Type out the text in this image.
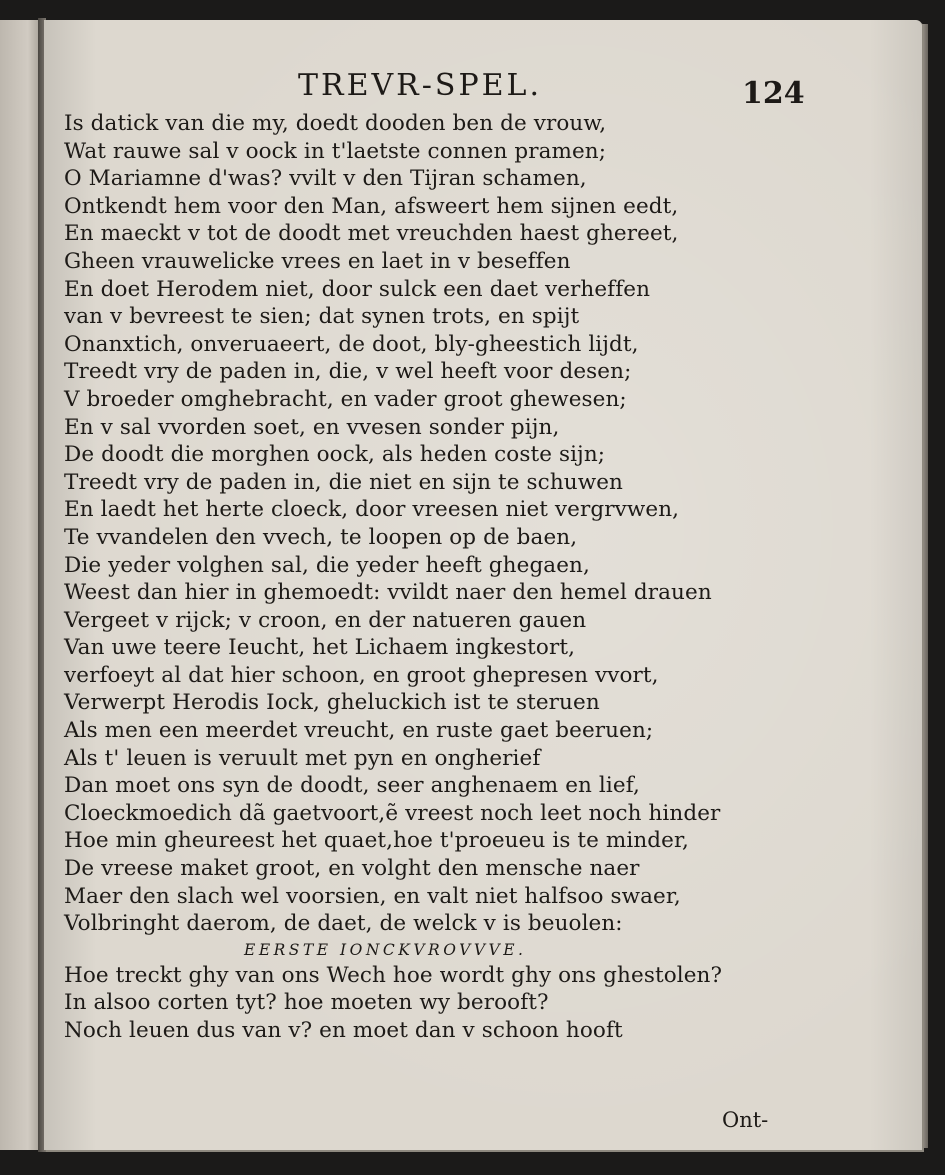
TREVR-SPEL.	124
Is datick van die my, doedt dooden ben de vrouw,
Wat rauwe sal v oock in t'laetste connen pramen;
O Mariamne d'was? vvilt v den Tijran schamen,
Ontkendt hem voor den Man, afsweert hem sijnen eedt,
En maeckt v tot de doodt met vreuchden haest ghereet,
Gheen vrauwelicke vrees en laet in v beseffen
En doet Herodem niet, door sulck een daet verheffen
van v bevreest te sien; dat synen trots, en spijt
Onanxtich, onveruaeert, de doot, bly-gheestich lijdt,
Treedt vry de paden in, die, v wel heeft voor desen;
V broeder omghebracht, en vader groot ghewesen;
En v sal vvorden soet, en vvesen sonder pijn,
De doodt die morghen oock, als heden coste sijn;
Treedt vry de paden in, die niet en sijn te schuwen
En laedt het herte cloeck, door vreesen niet vergrvwen,
Te vvandelen den vvech, te loopen op de baen,
Die yeder volghen sal, die yeder heeft ghegaen,
Weest dan hier in ghemoedt: vvildt naer den hemel drauen
Vergeet v rijck; v croon, en der natueren gauen
Van uwe teere Ieucht, het Lichaem ingkestort,
verfoeyt al dat hier schoon, en groot ghepresen vvort,
Verwerpt Herodis Iock, gheluckich ist te steruen
Als men een meerdet vreucht, en ruste gaet beeruen;
Als t' leuen is veruult met pyn en ongherief
Dan moet ons syn de doodt, seer anghenaem en lief,
Cloeckmoedich dã gaetvoort,ẽ vreest noch leet noch hinder
Hoe min ghеureest het quaet,hoe t'proeueu is te minder,
De vreese maket groot, en volght den mensche naer
Maer den slach wel voorsien, en valt niet halfsoo swaer,
Volbringht daerom, de daet, de welck v is beuolen:
EERSTE IONCKVROVVVE.
Hoe treckt ghy van ons Wech hoe wordt ghy ons ghestolen?
In alsoo corten tyt? hoe moeten wy berooft?
Noch leuen dus van v? en moet dan v schoon hooft
Ont-
